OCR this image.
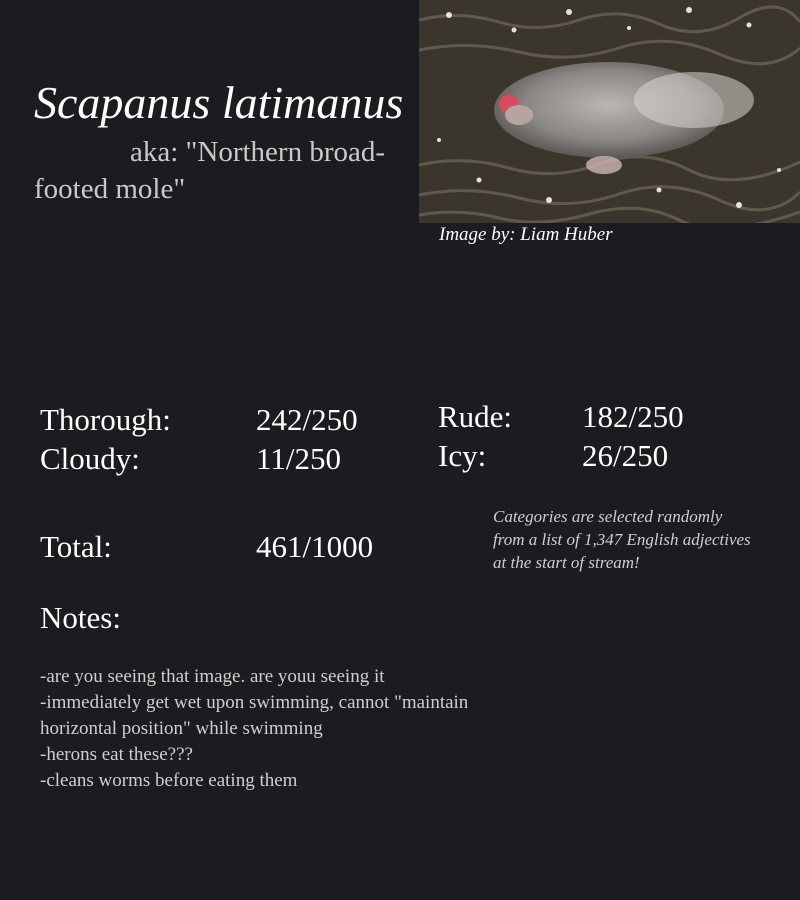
Scapanus latimanus
aka: "Northern broad-footed mole"
Image by: Liam Huber
Thorough:	242/250
Cloudy:	11/250
Rude: 182/250
Icy:	26/250
Total:	461/1000
Categories are selected randomly from a list of 1,347 English adjectives at the start of stream!
Notes:
-are you seeing that image. are youu seeing it
-immediately get wet upon swimming, cannot "maintain horizontal position" while swimming
-herons eat these???
-cleans worms before eating them
